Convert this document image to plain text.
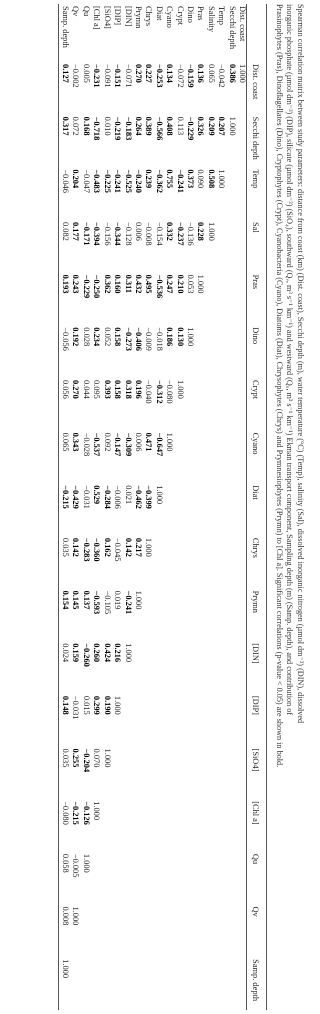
Spearman correlation matrix between study parameters: distance from coast (km) (Dist. coast), Secchi depth (m), water temperature (°C) (Temp), salinity (Sal), dissolved inorganic nitrogen (µmol dm⁻³) (DIN), dissolved
inorganic phosphate (µmol dm⁻³) (DIP), silicate (µmol dm⁻³) (SiO₄), southward (Qᵥ, m³ s⁻¹ km⁻¹) and westward (Qᵤ, m³ s⁻¹ km⁻¹) Ekman transport component, Sampling depth (m) (Samp. depth), and contribution of
Prasinophytes (Pras), Dinoflagellates (Dino), Cryptophytes (Crypt), Cyanobacteria (Cyano), Diatoms (Diat), Chrysophytes (Chrys) and Prymnesiophytes (Prymn) to [Chl a]. Significant correlations (p-value < 0.05) are shown in bold.
	Dist. coast	Secchi depth	Temp	Sal	Pras	Dino	Crypt	Cyano	Diat	Chrys	Prymn	[DIN]	[DIP]	[SiO4]	[Chl a]	Qu	Qv	Samp. depth
Dist. coast	1.000																	
Secchi depth	0.386	1.000																
Temp	−0.042	0.207	1.000															
Salinity	0.065	0.209	0.508	1.000														
Pras	0.136	0.326	0.090	0.228	1.000													
Dino	−0.159	−0.229	0.373	−0.136	0.053	1.000												
Crypt	−0.072	0.113	−0.241	−0.237	0.210	0.130	1.000											
Cyano	0.134	0.408	0.755	0.332	0.247	0.186	−0.080	1.000										
Diat	−0.253	−0.566	−0.362	−0.154	−0.536	−0.018	−0.312	−0.647	1.000									
Chrys	0.227	0.389	0.239	−0.008	0.495	−0.009	−0.040	0.471	−0.399	1.000								
Prymn	0.270	0.264	−0.240	0.006	0.432	−0.406	0.196	0.006	−0.462	0.217	1.000							
[DIN]	−0.071	−0.183	−0.525	−0.128	0.311	−0.273	0.318	−0.309	0.021	0.142	−0.241	1.000						
[DIP]	−0.151	−0.219	−0.241	−0.344	0.160	0.158	0.158	−0.147	−0.006	−0.045	0.019	0.216	1.000					
[SiO4]	−0.091	0.010	−0.225	−0.156	0.362	0.052	0.393	0.092	−0.284	0.162	−0.105	0.424	0.190	1.000				
[Chl a]	−0.231	−0.718	−0.483	−0.394	−0.250	0.234	0.095	−0.537	0.529	−0.360	−0.593	0.260	0.299	0.070	1.000			
Qu	0.005	0.168	−0.047	−0.171	−0.229	0.028	0.044	−0.028	−0.031	−0.283	0.137	−0.260	0.015	−0.204	−0.126	1.000		
Qv	−0.002	0.072	0.204	0.177	0.243	0.192	0.270	0.343	−0.429	0.142	0.145	0.159	−0.031	0.255	−0.215	−0.005	1.000	
Samp. depth	0.127	0.317	−0.046	0.082	0.193	−0.056	0.056	0.065	−0.215	0.035	0.154	0.024	0.148	0.035	−0.080	0.058	0.008	1.000
